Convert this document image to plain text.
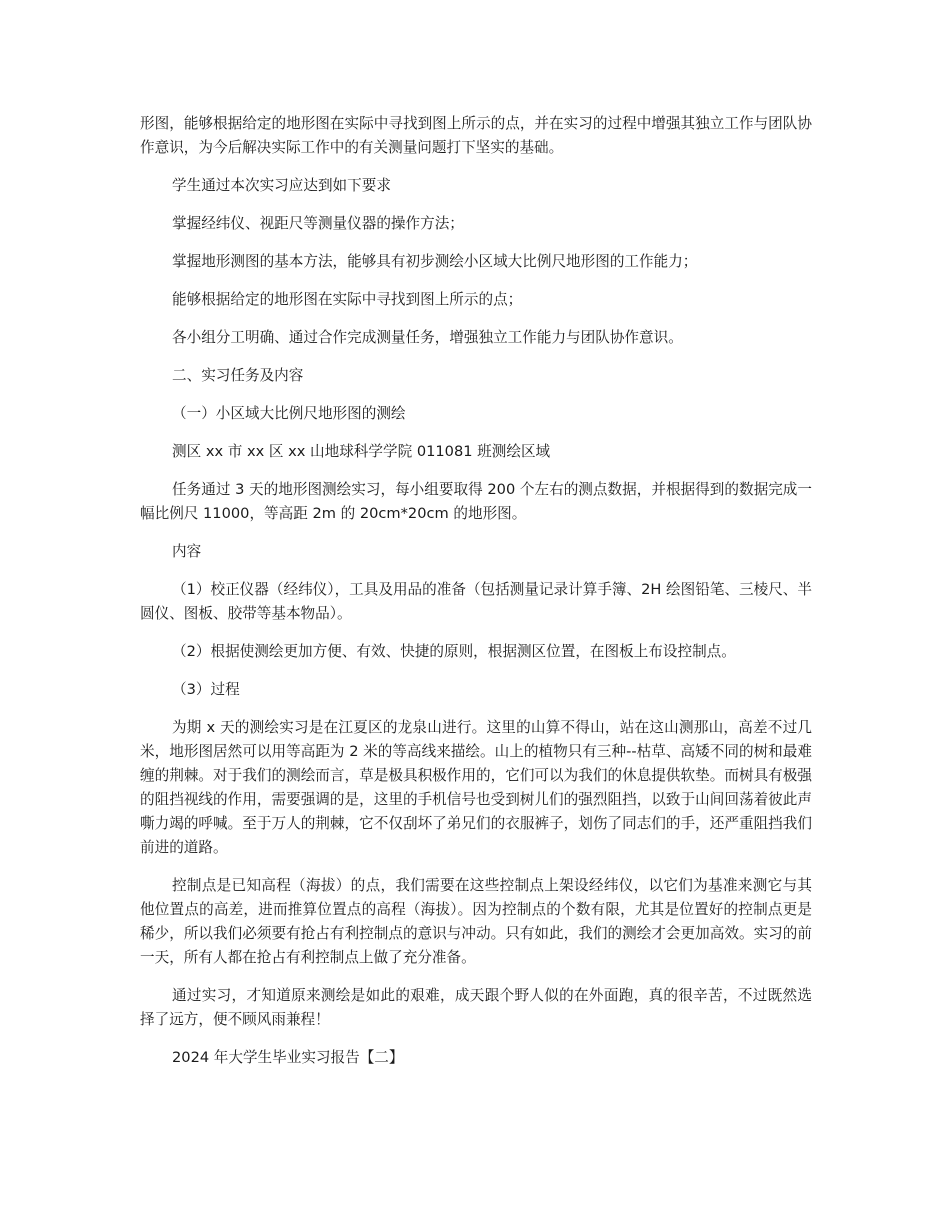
形图，能够根据给定的地形图在实际中寻找到图上所示的点，并在实习的过程中增强其独立工作与团队协作意识，为今后解决实际工作中的有关测量问题打下坚实的基础。

学生通过本次实习应达到如下要求

掌握经纬仪、视距尺等测量仪器的操作方法；

掌握地形测图的基本方法，能够具有初步测绘小区域大比例尺地形图的工作能力；

能够根据给定的地形图在实际中寻找到图上所示的点；

各小组分工明确、通过合作完成测量任务，增强独立工作能力与团队协作意识。

二、实习任务及内容

（一）小区域大比例尺地形图的测绘

测区 xx 市 xx 区 xx 山地球科学学院 011081 班测绘区域

任务通过 3 天的地形图测绘实习，每小组要取得 200 个左右的测点数据，并根据得到的数据完成一幅比例尺 11000，等高距 2m 的 20cm*20cm 的地形图。

内容

（1）校正仪器（经纬仪），工具及用品的准备（包括测量记录计算手簿、2H 绘图铅笔、三棱尺、半圆仪、图板、胶带等基本物品）。

（2）根据使测绘更加方便、有效、快捷的原则，根据测区位置，在图板上布设控制点。

（3）过程

为期 x 天的测绘实习是在江夏区的龙泉山进行。这里的山算不得山，站在这山测那山，高差不过几米，地形图居然可以用等高距为 2 米的等高线来描绘。山上的植物只有三种--枯草、高矮不同的树和最难缠的荆棘。对于我们的测绘而言，草是极具积极作用的，它们可以为我们的休息提供软垫。而树具有极强的阻挡视线的作用，需要强调的是，这里的手机信号也受到树儿们的强烈阻挡，以致于山间回荡着彼此声嘶力竭的呼喊。至于万人的荆棘，它不仅刮坏了弟兄们的衣服裤子，划伤了同志们的手，还严重阻挡我们前进的道路。

控制点是已知高程（海拔）的点，我们需要在这些控制点上架设经纬仪，以它们为基准来测它与其他位置点的高差，进而推算位置点的高程（海拔）。因为控制点的个数有限，尤其是位置好的控制点更是稀少，所以我们必须要有抢占有利控制点的意识与冲动。只有如此，我们的测绘才会更加高效。实习的前一天，所有人都在抢占有利控制点上做了充分准备。

通过实习，才知道原来测绘是如此的艰难，成天跟个野人似的在外面跑，真的很辛苦，不过既然选择了远方，便不顾风雨兼程！

2024 年大学生毕业实习报告【二】
